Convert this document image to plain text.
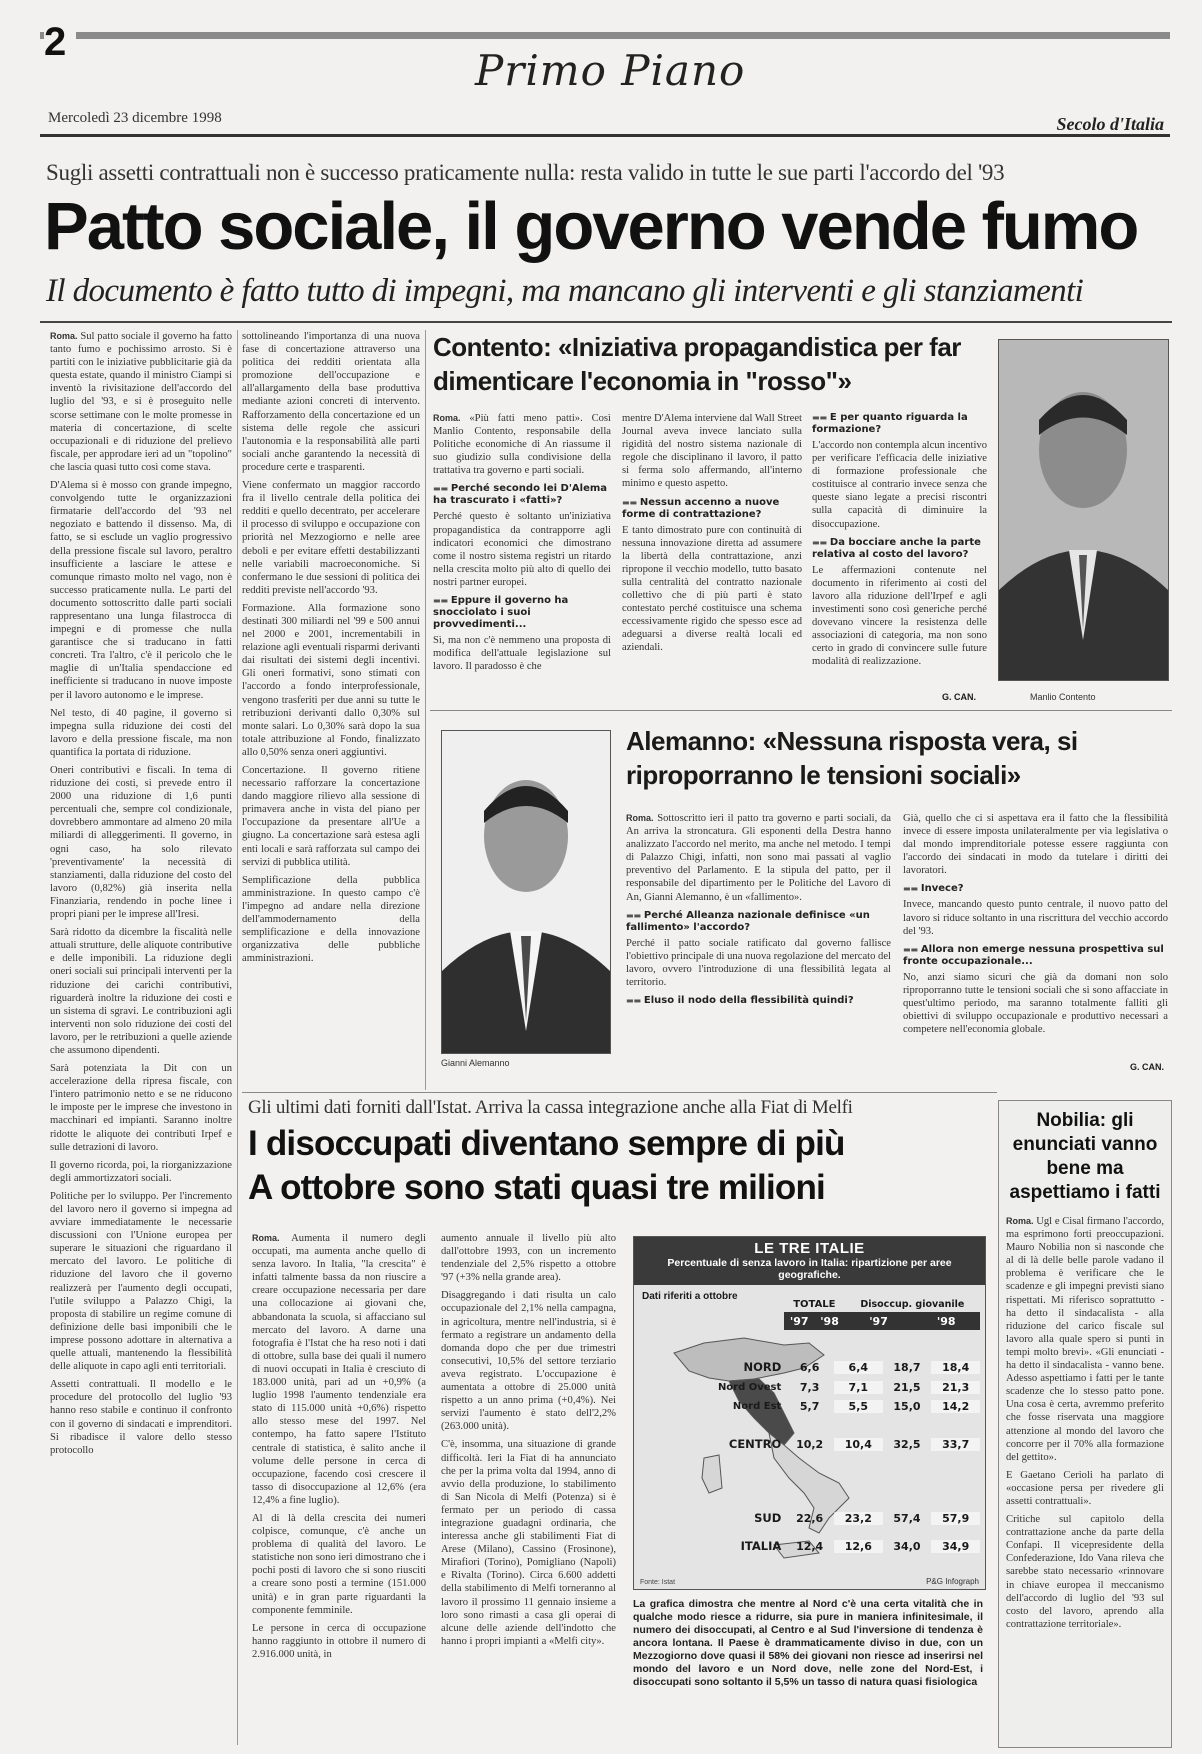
2
Primo Piano
Mercoledì 23 dicembre 1998	Secolo d'Italia
Sugli assetti contrattuali non è successo praticamente nulla: resta valido in tutte le sue parti l'accordo del '93
Patto sociale, il governo vende fumo
Il documento è fatto tutto di impegni, ma mancano gli interventi e gli stanziamenti

Roma. Sul patto sociale il governo ha fatto tanto fumo e pochissimo arrosto. Si è partiti con le iniziative pubblicitarie già da questa estate, quando il ministro Ciampi si inventò la rivisitazione dell'accordo del luglio del '93, e si è proseguito nelle scorse settimane con le molte promesse in materia di concertazione, di scelte occupazionali e di riduzione del prelievo fiscale, per approdare ieri ad un "topolino" che lascia quasi tutto così come stava.

D'Alema si è mosso con grande impegno, convolgendo tutte le organizzazioni firmatarie dell'accordo del '93 nel negoziato e battendo il dissenso. Ma, di fatto, se si esclude un vaglio progressivo della pressione fiscale sul lavoro, peraltro insufficiente a lasciare le attese e comunque rimasto molto nel vago, non è successo praticamente nulla. Le parti del documento sottoscritto dalle parti sociali rappresentano una lunga filastrocca di impegni e di promesse che nulla garantisce che si traducano in fatti concreti. Tra l'altro, c'è il pericolo che le maglie di un'Italia spendaccione ed inefficiente si traducano in nuove imposte per il lavoro autonomo e le imprese.

Nel testo, di 40 pagine, il governo si impegna sulla riduzione dei costi del lavoro e della pressione fiscale, ma non quantifica la portata di riduzione.

Oneri contributivi e fiscali. In tema di riduzione dei costi, si prevede entro il 2000 una riduzione di 1,6 punti percentuali che, sempre col condizionale, dovrebbero ammontare ad almeno 20 mila miliardi di alleggerimenti. Il governo, in ogni caso, ha solo rilevato 'preventivamente' la necessità di stanziamenti, dalla riduzione del costo del lavoro (0,82%) già inserita nella Finanziaria, rendendo in poche linee i propri piani per le imprese all'Iresi.

Sarà ridotto da dicembre la fiscalità nelle attuali strutture, delle aliquote contributive e delle imponibili. La riduzione degli oneri sociali sui principali interventi per la riduzione dei carichi contributivi, riguarderà inoltre la riduzione dei costi e un sistema di sgravi. Le contribuzioni agli interventi non solo riduzione dei costi del lavoro, per le retribuzioni a quelle aziende che assumono dipendenti.

Sarà potenziata la Dit con un accelerazione della ripresa fiscale, con l'intero patrimonio netto e se ne riducono le imposte per le imprese che investono in macchinari ed impianti. Saranno inoltre ridotte le aliquote dei contributi Irpef e sulle detrazioni di lavoro.

Il governo ricorda, poi, la riorganizzazione degli ammortizzatori sociali.

Politiche per lo sviluppo. Per l'incremento del lavoro nero il governo si impegna ad avviare immediatamente le necessarie discussioni con l'Unione europea per superare le situazioni che riguardano il mercato del lavoro. Le politiche di riduzione del lavoro che il governo realizzerà per l'aumento degli occupati, l'utile sviluppo a Palazzo Chigi, la proposta di stabilire un regime comune di definizione delle basi imponibili che le imprese possono adottare in alternativa a quelle attuali, mantenendo la flessibilità delle aliquote in capo agli enti territoriali.

Assetti contrattuali. Il modello e le procedure del protocollo del luglio '93 hanno reso stabile e continuo il confronto con il governo di sindacati e imprenditori. Si ribadisce il valore dello stesso protocollo

sottolineando l'importanza di una nuova fase di concertazione attraverso una politica dei redditi orientata alla promozione dell'occupazione e all'allargamento della base produttiva mediante azioni concreti di intervento. Rafforzamento della concertazione ed un sistema delle regole che assicuri l'autonomia e la responsabilità alle parti sociali anche garantendo la necessità di procedure certe e trasparenti.

Viene confermato un maggior raccordo fra il livello centrale della politica dei redditi e quello decentrato, per accelerare il processo di sviluppo e occupazione con priorità nel Mezzogiorno e nelle aree deboli e per evitare effetti destabilizzanti nelle variabili macroeconomiche. Si confermano le due sessioni di politica dei redditi previste nell'accordo '93.

Formazione. Alla formazione sono destinati 300 miliardi nel '99 e 500 annui nel 2000 e 2001, incrementabili in relazione agli eventuali risparmi derivanti dai risultati dei sistemi degli incentivi. Gli oneri formativi, sono stimati con l'accordo a fondo interprofessionale, vengono trasferiti per due anni su tutte le retribuzioni derivanti dallo 0,30% sul monte salari. Lo 0,30% sarà dopo la sua totale attribuzione al Fondo, finalizzato allo 0,50% senza oneri aggiuntivi.

Concertazione. Il governo ritiene necessario rafforzare la concertazione dando maggiore rilievo alla sessione di primavera anche in vista del piano per l'occupazione da presentare all'Ue a giugno. La concertazione sarà estesa agli enti locali e sarà rafforzata sul campo dei servizi di pubblica utilità.

Semplificazione della pubblica amministrazione. In questo campo c'è l'impegno ad andare nella direzione dell'ammodernamento della semplificazione e della innovazione organizzativa delle pubbliche amministrazioni.

Contento: «Iniziativa propagandistica per far dimenticare l'economia in "rosso"»

Roma. «Più fatti meno patti». Così Manlio Contento, responsabile della Politiche economiche di An riassume il suo giudizio sulla condivisione della trattativa tra governo e parti sociali.

▬▬ Perché secondo lei D'Alema ha trascurato i «fatti»?

Perché questo è soltanto un'iniziativa propagandistica da contrapporre agli indicatori economici che dimostrano come il nostro sistema registri un ritardo nella crescita molto più alto di quello dei nostri partner europei.

▬▬ Eppure il governo ha snocciolato i suoi provvedimenti...

Sì, ma non c'è nemmeno una proposta di modifica dell'attuale legislazione sul lavoro. Il paradosso è che

mentre D'Alema interviene dal Wall Street Journal aveva invece lanciato sulla rigidità del nostro sistema nazionale di regole che disciplinano il lavoro, il patto si ferma solo affermando, all'interno minimo e questo aspetto.

▬▬ Nessun accenno a nuove forme di contrattazione?

E tanto dimostrato pure con continuità di nessuna innovazione diretta ad assumere la libertà della contrattazione, anzi ripropone il vecchio modello, tutto basato sulla centralità del contratto nazionale collettivo che di più parti è stato contestato perché costituisce una schema eccessivamente rigido che spesso esce ad adeguarsi a diverse realtà locali ed aziendali.

▬▬ E per quanto riguarda la formazione?

L'accordo non contempla alcun incentivo per verificare l'efficacia delle iniziative di formazione professionale che costituisce al contrario invece senza che queste siano legate a precisi riscontri sulla capacità di diminuire la disoccupazione.

▬▬ Da bocciare anche la parte relativa al costo del lavoro?

Le affermazioni contenute nel documento in riferimento ai costi del lavoro alla riduzione dell'Irpef e agli investimenti sono così generiche perché dovevano vincere la resistenza delle associazioni di categoria, ma non sono certo in grado di convincere sulle future modalità di realizzazione.

G. CAN.	Manlio Contento
Gianni Alemanno
Alemanno: «Nessuna risposta vera, si riproporranno le tensioni sociali»

Roma. Sottoscritto ieri il patto tra governo e parti sociali, da An arriva la stroncatura. Gli esponenti della Destra hanno analizzato l'accordo nel merito, ma anche nel metodo. I tempi di Palazzo Chigi, infatti, non sono mai passati al vaglio preventivo del Parlamento. E la stipula del patto, per il responsabile del dipartimento per le Politiche del Lavoro di An, Gianni Alemanno, è un «fallimento».

▬▬ Perché Alleanza nazionale definisce «un fallimento» l'accordo?

Perché il patto sociale ratificato dal governo fallisce l'obiettivo principale di una nuova regolazione del mercato del lavoro, ovvero l'introduzione di una flessibilità legata al territorio.

▬▬ Eluso il nodo della flessibilità quindi?

Già, quello che ci si aspettava era il fatto che la flessibilità invece di essere imposta unilateralmente per via legislativa o dal mondo imprenditoriale potesse essere raggiunta con l'accordo dei sindacati in modo da tutelare i diritti dei lavoratori.

▬▬ Invece?

Invece, mancando questo punto centrale, il nuovo patto del lavoro si riduce soltanto in una riscrittura del vecchio accordo del '93.

▬▬ Allora non emerge nessuna prospettiva sul fronte occupazionale...

No, anzi siamo sicuri che già da domani non solo riproporranno tutte le tensioni sociali che si sono affacciate in quest'ultimo periodo, ma saranno totalmente falliti gli obiettivi di sviluppo occupazionale e produttivo necessari a competere nell'economia globale.

G. CAN.
Gli ultimi dati forniti dall'Istat. Arriva la cassa integrazione anche alla Fiat di Melfi
I disoccupati diventano sempre di più
A ottobre sono stati quasi tre milioni

Roma. Aumenta il numero degli occupati, ma aumenta anche quello di senza lavoro. In Italia, "la crescita" è infatti talmente bassa da non riuscire a creare occupazione necessaria per dare una collocazione ai giovani che, abbandonata la scuola, si affacciano sul mercato del lavoro. A darne una fotografia è l'Istat che ha reso noti i dati di ottobre, sulla base dei quali il numero di nuovi occupati in Italia è cresciuto di 183.000 unità, pari ad un +0,9% (a luglio 1998 l'aumento tendenziale era stato di 115.000 unità +0,6%) rispetto allo stesso mese del 1997. Nel contempo, ha fatto sapere l'Istituto centrale di statistica, è salito anche il volume delle persone in cerca di occupazione, facendo così crescere il tasso di disoccupazione al 12,6% (era 12,4% a fine luglio).

Al di là della crescita dei numeri colpisce, comunque, c'è anche un problema di qualità del lavoro. Le statistiche non sono ieri dimostrano che i pochi posti di lavoro che si sono riusciti a creare sono posti a termine (151.000 unità) e in gran parte riguardanti la componente femminile.

Le persone in cerca di occupazione hanno raggiunto in ottobre il numero di 2.916.000 unità, in

aumento annuale il livello più alto dall'ottobre 1993, con un incremento tendenziale del 2,5% rispetto a ottobre '97 (+3% nella grande area).

Disaggregando i dati risulta un calo occupazionale del 2,1% nella campagna, in agricoltura, mentre nell'industria, si è fermato a registrare un andamento della domanda dopo che per due trimestri consecutivi, 10,5% del settore terziario aveva registrato. L'occupazione è aumentata a ottobre di 25.000 unità rispetto a un anno prima (+0,4%). Nei servizi l'aumento è stato dell'2,2% (263.000 unità).

C'è, insomma, una situazione di grande difficoltà. Ieri la Fiat di ha annunciato che per la prima volta dal 1994, anno di avvio della produzione, lo stabilimento di San Nicola di Melfi (Potenza) si è fermato per un periodo di cassa integrazione guadagni ordinaria, che interessa anche gli stabilimenti Fiat di Arese (Milano), Cassino (Frosinone), Mirafiori (Torino), Pomigliano (Napoli) e Rivalta (Torino). Circa 6.600 addetti della stabilimento di Melfi torneranno al lavoro il prossimo 11 gennaio insieme a loro sono rimasti a casa gli operai di alcune delle aziende dell'indotto che hanno i propri impianti a «Melfi city».

LE TRE ITALIE
Percentuale di senza lavoro in Italia: ripartizione per aree geografiche.
Dati riferiti a ottobre
TOTALE		Disoccup. giovanile	
'97	'98	'97	'98
NORD	6,6	6,4	18,7	18,4
Nord Ovest	7,3	7,1	21,5	21,3
Nord Est	5,7	5,5	15,0	14,2
CENTRO	10,2	10,4	32,5	33,7
SUD	22,6	23,2	57,4	57,9
ITALIA	12,4	12,6	34,0	34,9
Fonte: Istat	P&G Infograph
La grafica dimostra che mentre al Nord c'è una certa vitalità che in qualche modo riesce a ridurre, sia pure in maniera infinitesimale, il numero dei disoccupati, al Centro e al Sud l'inversione di tendenza è ancora lontana. Il Paese è drammaticamente diviso in due, con un Mezzogiorno dove quasi il 58% dei giovani non riesce ad inserirsi nel mondo del lavoro e un Nord dove, nelle zone del Nord-Est, i disoccupati sono soltanto il 5,5% un tasso di natura quasi fisiologica
Nobilia: gli enunciati vanno bene ma aspettiamo i fatti

Roma. Ugl e Cisal firmano l'accordo, ma esprimono forti preoccupazioni. Mauro Nobilia non si nasconde che al di là delle belle parole vadano il problema è verificare che le scadenze e gli impegni previsti siano rispettati. Mi riferisco soprattutto - ha detto il sindacalista - alla riduzione del carico fiscale sul lavoro alla quale spero si punti in tempi molto brevi». «Gli enunciati - ha detto il sindacalista - vanno bene. Adesso aspettiamo i fatti per le tante scadenze che lo stesso patto pone. Una cosa è certa, avremmo preferito che fosse riservata una maggiore attenzione al mondo del lavoro che concorre per il 70% alla formazione del gettito».

E Gaetano Cerioli ha parlato di «occasione persa per rivedere gli assetti contrattuali».

Critiche sul capitolo della contrattazione anche da parte della Confapi. Il vicepresidente della Confederazione, Ido Vana rileva che sarebbe stato necessario «rinnovare in chiave europea il meccanismo dell'accordo di luglio del '93 sul costo del lavoro, aprendo alla contrattazione territoriale».
